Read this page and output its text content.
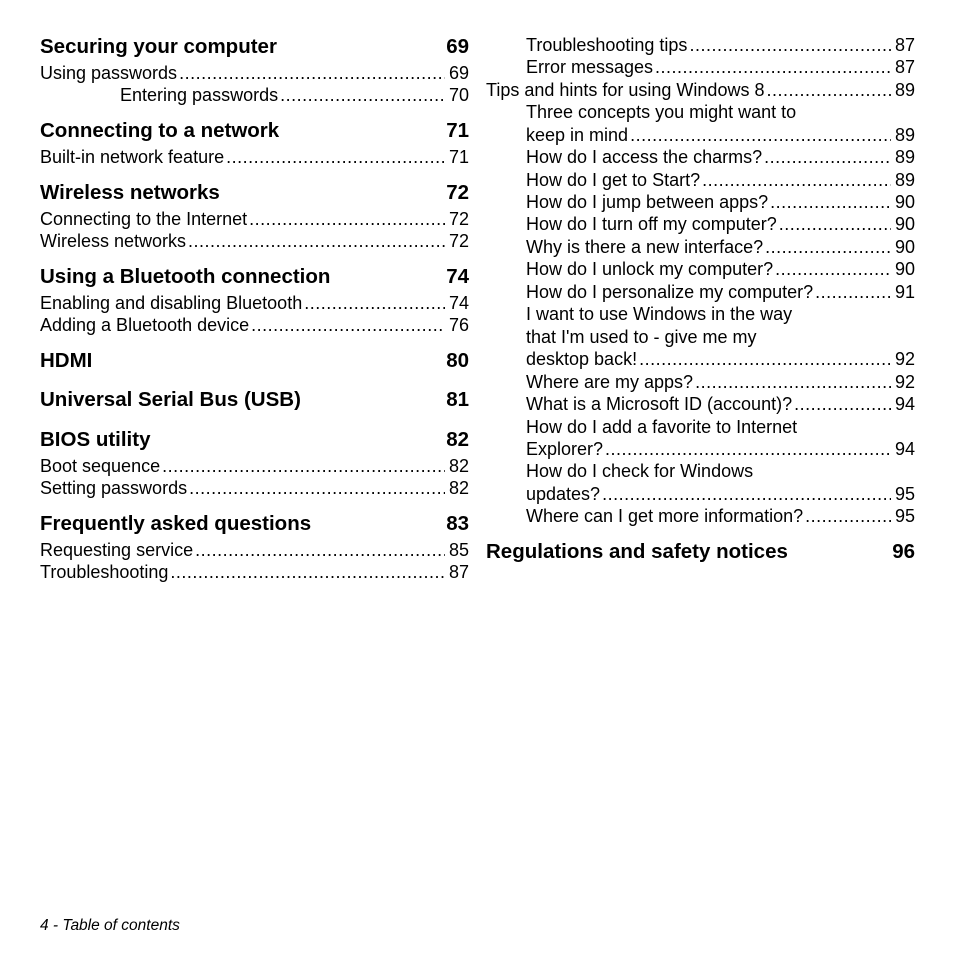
Securing your computer	69
Using passwords .....	69
Entering passwords .....	70
Connecting to a network	71
Built-in network feature .....	71
Wireless networks	72
Connecting to the Internet .....	72
Wireless networks .....	72
Using a Bluetooth connection	74
Enabling and disabling Bluetooth .....	74
Adding a Bluetooth device .....	76
HDMI	80
Universal Serial Bus (USB)	81
BIOS utility	82
Boot sequence .....	82
Setting passwords .....	82
Frequently asked questions	83
Requesting service .....	85
Troubleshooting .....	87
Troubleshooting tips .....	87
Error messages .....	87
Tips and hints for using Windows 8 .....	89
Three concepts you might want to
keep in mind .....	89
How do I access the charms? .....	89
How do I get to Start? .....	89
How do I jump between apps? .....	90
How do I turn off my computer? .....	90
Why is there a new interface? .....	90
How do I unlock my computer? .....	90
How do I personalize my computer? .....	91
I want to use Windows in the way
that I'm used to - give me my
desktop back! .....	92
Where are my apps? .....	92
What is a Microsoft ID (account)? .....	94
How do I add a favorite to Internet
Explorer? .....	94
How do I check for Windows
updates? .....	95
Where can I get more information? .....	95
Regulations and safety notices	96
4 - Table of contents
